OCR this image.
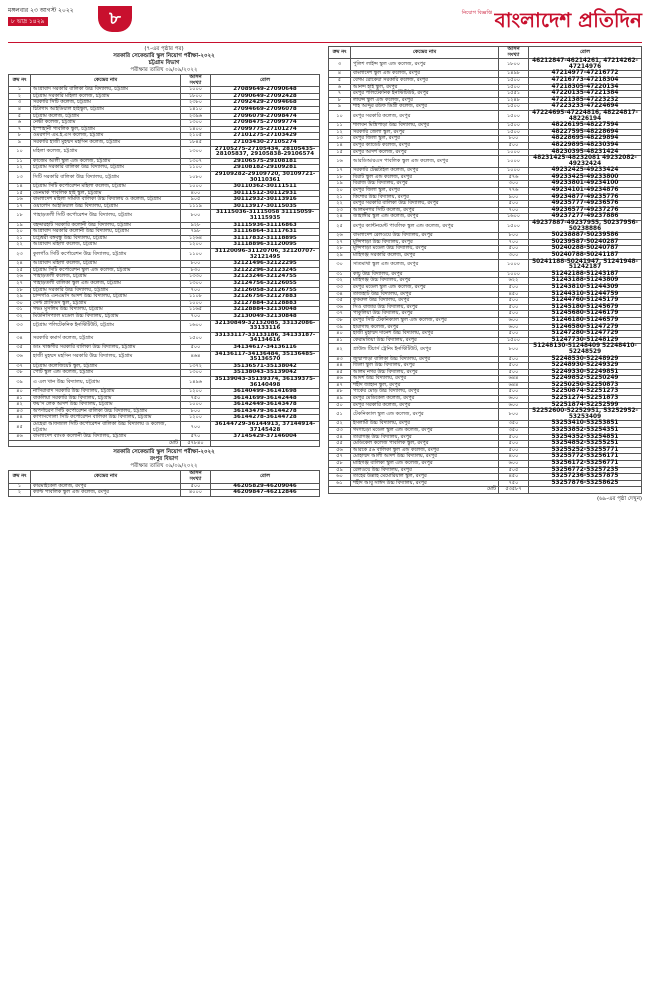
মঙ্গলবার ২৩ আগস্ট ২০২২
৮ ভাদ্র ১৪২৯	৮	নিয়োগ বিজ্ঞপ্তি বাংলাদেশ প্রতিদিন
(৭-এর পৃষ্ঠার পর)
সরকারি সেকেন্ডারি স্কুল নিয়োগ পরীক্ষা-২০২২
চট্টগ্রাম বিভাগ
পরীক্ষার তারিখ ০৯/০৯/২০২২
ক্রম নং	কেন্দ্রের নাম	আসন সংখ্যা	রোল
১	আগ্রাবাদ সরকারি বালিকা উচ্চ বিদ্যালয়, চট্টগ্রাম	১০০০	27089649-27090648
২	চট্টগ্রাম সরকারি মহিলা কলেজ, চট্টগ্রাম	১৮০০	27090649-27092428
৩	সরকারি সিটি কলেজ, চট্টগ্রাম	২৩৮০	27092429-27094668
৪	চিটাগাং আইডিয়াল হাইস্কুল, চট্টগ্রাম	১৪১০	27094669-27096078
৫	চট্টগ্রাম কলেজ, চট্টগ্রাম	২৩৯৬	27096079-27098474
৬	নেভী কলেজ, চট্টগ্রাম	১৩০০	27098475-27099774
৭	ইস্পাহানী পাবলিক স্কুল, চট্টগ্রাম	১৪০০	27099775-27101274
৮	ওমরগণি এম.ই.এস কলেজ, চট্টগ্রাম	২১০৫	27101275-27103429
৯	সরকারি হাজী মুহম্মদ মহসিন কলেজ, চট্টগ্রাম	১৮৪৫	27103430-27105274
১০	মহিলা কলেজ, চট্টগ্রাম	১৩০০	27105275-27105434, 28105435-28105837, 29105838-29106574
১১	কাজেম আলী স্কুল এন্ড কলেজ, চট্টগ্রাম	১৩০৭	29106575-29108181
১২	চট্টগ্রাম সরকারি বালিকা উচ্চ বিদ্যালয়, চট্টগ্রাম	১১০০	29108182-29109281
১৩	সিটি সরকারি বালিকা উচ্চ বিদ্যালয়, চট্টগ্রাম	১০৮০	29109282-29109720, 30109721-30110361
১৪	চট্টগ্রাম সিটি কর্পোরেশন মহিলা কলেজ, চট্টগ্রাম	১০০০	30110362-30111511
১৫	ডেনমার্ক পাবলিক হাই স্কুল, চট্টগ্রাম	৪০০	30111512-30112931
১৬	বাংলাদেশ মহিলা সমিতি বালিকা উচ্চ বিদ্যালয় ও কলেজ, চট্টগ্রাম	৯০৫	30112932-30113916
১৭	ওয়ার্লেস আইডিয়াল উচ্চ বিদ্যালয়, চট্টগ্রাম	১১১৯	30113917-30115035
১৮	পাহাড়তলী সিটি কর্পোরেশন উচ্চ বিদ্যালয়, চট্টগ্রাম	৮০০	31115036-31115058 31115059-31115935
১৯	বহদ্দারহাট সরকারি কলোনী উচ্চ বিদ্যালয়, চট্টগ্রাম	৯২৮	31115936-31116863
২০	আগ্রাবাদ সরকারি কলোনী উচ্চ বিদ্যালয়, চট্টগ্রাম	৭৯৮	31116864-31117631
২১	চট্টেশ্বরী বঙ্গবন্ধু উচ্চ বিদ্যালয়, চট্টগ্রাম	১২৬৪	31117832-31118895
২২	আগ্রাবাদ মহিলা কলেজ, চট্টগ্রাম	১২০০	31118896-31120095
২৩	কুলগাঁও সিটি কর্পোরেশন উচ্চ বিদ্যালয়, চট্টগ্রাম	১১০০	31120096-31120706, 32120707-32121495
২৪	আগ্রাবাদ মহিলা কলেজ, চট্টগ্রাম	৮০০	32121496-32122295
২৫	চট্টগ্রাম সিটি কর্পোরেশন স্কুল এন্ড কলেজ, চট্টগ্রাম	৮৩০	32122296-32123245
২৬	পাহাড়তলী কলেজ, চট্টগ্রাম	১৩৩০	32123246-32124755
২৭	পাহাড়তলী বালিকা স্কুল এন্ড কলেজ, চট্টগ্রাম	১৩০০	32124756-32126055
২৮	চট্টগ্রাম সরকারি উচ্চ বিদ্যালয়, চট্টগ্রাম	৭০০	32126058-32126755
২৯	চান্দগাঁও এনএমসি আদর্শ উচ্চ বিদ্যালয়, চট্টগ্রাম	১১০৮	32126756-32127883
৩০	সেন্ট প্লাসিডস স্কুল, চট্টগ্রাম	১০০০	32127884-32128883
৩১	গভঃ মুসলিম উচ্চ বিদ্যালয়, চট্টগ্রাম	১১৬৫	32128884-32130048
৩২	মিউনিসিপ্যাল মডেল উচ্চ বিদ্যালয়, চট্টগ্রাম	৭০০	32130049-32130848
৩৩	চট্টগ্রাম পলিটেকনিক ইনস্টিটিউট, চট্টগ্রাম	১৬০০	32130849-32132085, 33132086-33133116
৩৪	সরকারি কমার্স কলেজ, চট্টগ্রাম	১৫০০	33133117-33133186, 34133187-34134616
৩৫	ডাঃ খাস্তগীর সরকারি বালিকা উচ্চ বিদ্যালয়, চট্টগ্রাম	৫০০	34134617-34136116
৩৬	হাজী মুহম্মদ মহসিন সরকারি উচ্চ বিদ্যালয়, চট্টগ্রাম	৪৬৪	34136117-34136484, 35136485-35136570
৩৭	চট্টগ্রাম কলেজিয়েট স্কুল, চট্টগ্রাম	১৩৭২	35136571-35138042
৩৮	পোর্ট স্কুল এন্ড কলেজ, চট্টগ্রাম	১৩০০	35138043-35139042
৩৯	এ এল খান উচ্চ বিদ্যালয়, চট্টগ্রাম	১৪৯৬	35139043-35139374, 36139375-36140498
৪০	নাসিরাবাদ সরকারি উচ্চ বিদ্যালয়, চট্টগ্রাম	১২০০	36140499-36141698
৪১	বাকলিয়া সরকারি উচ্চ বিদ্যালয়, চট্টগ্রাম	৭৫০	36141699-36142448
৪২	ফয়'স লেক আদর্শ উচ্চ বিদ্যালয়, চট্টগ্রাম	১০০০	36142449-36143478
৪৩	অপর্ণাচরণ সিটি কর্পোরেশন বালিকা উচ্চ বিদ্যালয়, চট্টগ্রাম	৮০০	36143479-36144278
৪৪	কাপাসগোলা সিটি কর্পোরেশন বালিকা উচ্চ বিদ্যালয়, চট্টগ্রাম	১২০০	36144278-36144728
৪৫	মেহেরা আফজাল সিটি কর্পোরেশন বালিকা উচ্চ বিদ্যালয় ও কলেজ, চট্টগ্রাম	৭০০	36144729-36144913, 37144914-37145428
৪৬	বাংলাদেশ ব্যাংক কলোনী উচ্চ বিদ্যালয়, চট্টগ্রাম	৫৭০	37145429-37146004
মোট		৫৭৮৪০	
সরকারি সেকেন্ডারি স্কুল নিয়োগ পরীক্ষা-২০২২
রংপুর বিভাগ
পরীক্ষার তারিখ ০৯/০৯/২০২২
ক্রম নং	কেন্দ্রের নাম	আসন সংখ্যা	রোল
১	কারমাইকেল কলেজ, রংপুর	৫০০	46205829-46209046
২	ক্যান্ট পাবলিক স্কুল এন্ড কলেজ, রংপুর	৪০০০	46209847-46212846
ক্রম নং	কেন্দ্রের নাম	আসন সংখ্যা	রোল
৩	পুলিশ লাইন্স স্কুল এন্ড কলেজ, রংপুর	১৮০০	46212847-46214261, 47214262-47214976
৪	বাংলাদেশ স্কুল এন্ড কলেজ, রংপুর	১৪৯৮	47214977-47216772
৫	বেগম রোকেয়া সরকারি কলেজ, রংপুর	১৫০০	47216773-47218304
৬	আনন্দ হাই স্কুল, রংপুর	১৫০০	47218305-47220134
৭	রংপুর পলিটেকনিক ইনস্টিটিউট, রংপুর	১৫৫১	47220135-47221384
৮	লায়ন্স স্কুল এন্ড কলেজ, রংপুর	১২৪৮	47221385-47223232
৯	শাহ আব্দুর রউফ ডিগ্রী কলেজ, রংপুর	১৫০০	47223233-47224694
১০	রংপুর সরকারি কলেজ, রংপুর	১৫০০	47224695-47224816, 48224817-48226194
১১	শালবন মিস্ত্রিপাড়া উচ্চ বিদ্যালয়, রংপুর	১৫০০	48226195-48227594
১২	সরকারি জেলা স্কুল, রংপুর	১৫০০	48227595-48228694
১৩	রংপুর জিলা স্কুল, রংপুর	৮০০	48228695-48229894
১৪	রংপুর ক্যাডেট কলেজ, রংপুর	৫০০	48229895-48230394
১৫	রংপুর আদর্শ কলেজ, রংপুর	১০০০	48230395-48231424
১৬	আরডিআরএস পাবলিক স্কুল এন্ড কলেজ, রংপুর	১০০০	48231425-48232081 49232082-49232424
১৭	সরকারি টেক্সটাইল কলেজ, রংপুর	১০০০	49232425-49233424
১৮	বিরাট স্কুল এন্ড কলেজ, রংপুর	৫৭৬	49233425-49233800
১৯	বিরাজ উচ্চ বিদ্যালয়, রংপুর	৩০০	49233801-49234100
২০	রংপুর জিলা স্কুল, রংপুর	৭৭৬	49234101-49234876
২১	কিশোর উচ্চ বিদ্যালয়, রংপুর	৯০০	49234877-49235776
২২	রংপুর সরকারি বালিকা উচ্চ বিদ্যালয়, রংপুর	৫০০	49235777-49236576
২৩	আলমনগর সিটি কলেজ, রংপুর	৭০০	49236577-49237276
২৪	জাহাঙ্গীর স্কুল এন্ড কলেজ, রংপুর	১৬০০	49237277-49237886
২৫	রংপুর ক্যান্টনমেন্ট পাবলিক স্কুল এন্ড কলেজ, রংপুর	১৫০০	49237887-49237955, 50237956-50238886
২৬	বাংলাদেশ রেলওয়ে উচ্চ বিদ্যালয়, রংপুর	৮০০	50238887-50239586
২৭	মুন্সিপাড়া উচ্চ বিদ্যালয়, রংপুর	৭০০	50239587-50240287
২৮	মুন্সিপাড়া মডেল উচ্চ বিদ্যালয়, রংপুর	৫০০	50240288-50240787
২৯	মাহিগঞ্জ সরকারি কলেজ, রংপুর	৩০০	50240788-50241187
৩০	সাতমাথা স্কুল এন্ড কলেজ, রংপুর	১০০০	50241188-50241947, 51241948-51242187
৩১	কাচু উচ্চ বিদ্যালয়, রংপুর	১০০০	51242188-51243187
৩২	মাহিগঞ্জ উচ্চ বিদ্যালয়, রংপুর	৬২২	51243188-51243809
৩৩	রংপুর মডেল স্কুল এন্ড কলেজ, রংপুর	৫০০	51243810-51244309
৩৪	তাজহাট উচ্চ বিদ্যালয়, রংপুর	৪৫০	51244310-51244759
৩৫	কুকরুল উচ্চ বিদ্যালয়, রংপুর	৫০০	51244760-51245179
৩৬	সিও বাজার উচ্চ বিদ্যালয়, রংপুর	৫০০	51245180-51245679
৩৭	পাকুলিয়া উচ্চ বিদ্যালয়, রংপুর	৫০০	51245680-51246179
৩৮	রংপুর সিটি টেকনিক্যাল স্কুল এন্ড কলেজ, রংপুর	৬০০	51246180-51246579
৩৯	হারাগাছ কলেজ, রংপুর	৬০০	51246580-51247279
৪০	হাজী মুহাম্মদ দানেশ উচ্চ বিদ্যালয়, রংপুর	৫০০	51247280-51247729
৪১	কেরামতিয়া উচ্চ বিদ্যালয়, রংপুর	১৫০০	51247730-51248129
৪২	গ্রাউন্ড টিচার্স ট্রেনিং ইনস্টিটিউট, রংপুর	৮০০	51248130-51248409 52248410-52248529
৪৩	জুম্মাপাড়া বালিকা উচ্চ বিদ্যালয়, রংপুর	৫০০	52248530-52248929
৪৪	জিলা স্কুল উচ্চ বিদ্যালয়, রংপুর	৫০০	52248930-52249329
৪৫	আলম নগর উচ্চ বিদ্যালয়, রংপুর	৫০০	52249330-52249851
৪৬	আদর্শ উচ্চ বিদ্যালয়, রংপুর	৬৪৪	52249852-52250249
৪৭	শহীদ জাহান স্কুল, রংপুর	৬৪৪	52250250-52250873
৪৮	পার্কের মোড় উচ্চ বিদ্যালয়, রংপুর	৫০০	52250874-52251273
৪৯	রংপুর মেডিকেল কলেজ, রংপুর	৬০০	52251274-52251873
৫০	রংপুর সরকারি কলেজ, রংপুর	৬০০	52251874-52252599
৫১	টেকনিক্যাল স্কুল এন্ড কলেজ, রংপুর	৮০০	52252600-52252951, 53252952-53253409
৫২	ইসলামী উচ্চ বিদ্যালয়, রংপুর	৩৫০	53253410-53253851
৫৩	গংগাচড়া মডেল স্কুল এন্ড কলেজ, রংপুর	৩৫০	53253852-53254351
৫৪	তারাগঞ্জ উচ্চ বিদ্যালয়, রংপুর	৫০০	53254352-53254851
৫৫	মেডিকেল কলেজ পাবলিক স্কুল, রংপুর	৫০০	53254852-53255251
৫৬	আরকে ৫৬ বালিকা স্কুল এন্ড কলেজ, রংপুর	৫০০	53255252-53255771
৫৭	মোহাম্মদ আলী আদর্শ উচ্চ বিদ্যালয়, রংপুর	৪০০	53255772-53256171
৫৮	মাহিগঞ্জ বালিকা স্কুল এন্ড কলেজ, রংপুর	৬০০	53256172-53256771
৫৯	রেলওয়ে উচ্চ বিদ্যালয়, রংপুর	৫০৫	53256772-53257235
৬০	তাহের উল্লাহ মেমোরিয়াল স্কুল, রংপুর	৪৫০	53257236-53257875
৬১	শহীদ আবু সাঈদ উচ্চ বিদ্যালয়, রংপুর	৭৫০	53257876-53258625
মোট		৫৩৫৮৭	
(৬৯-এর পৃষ্ঠা দেখুন)
